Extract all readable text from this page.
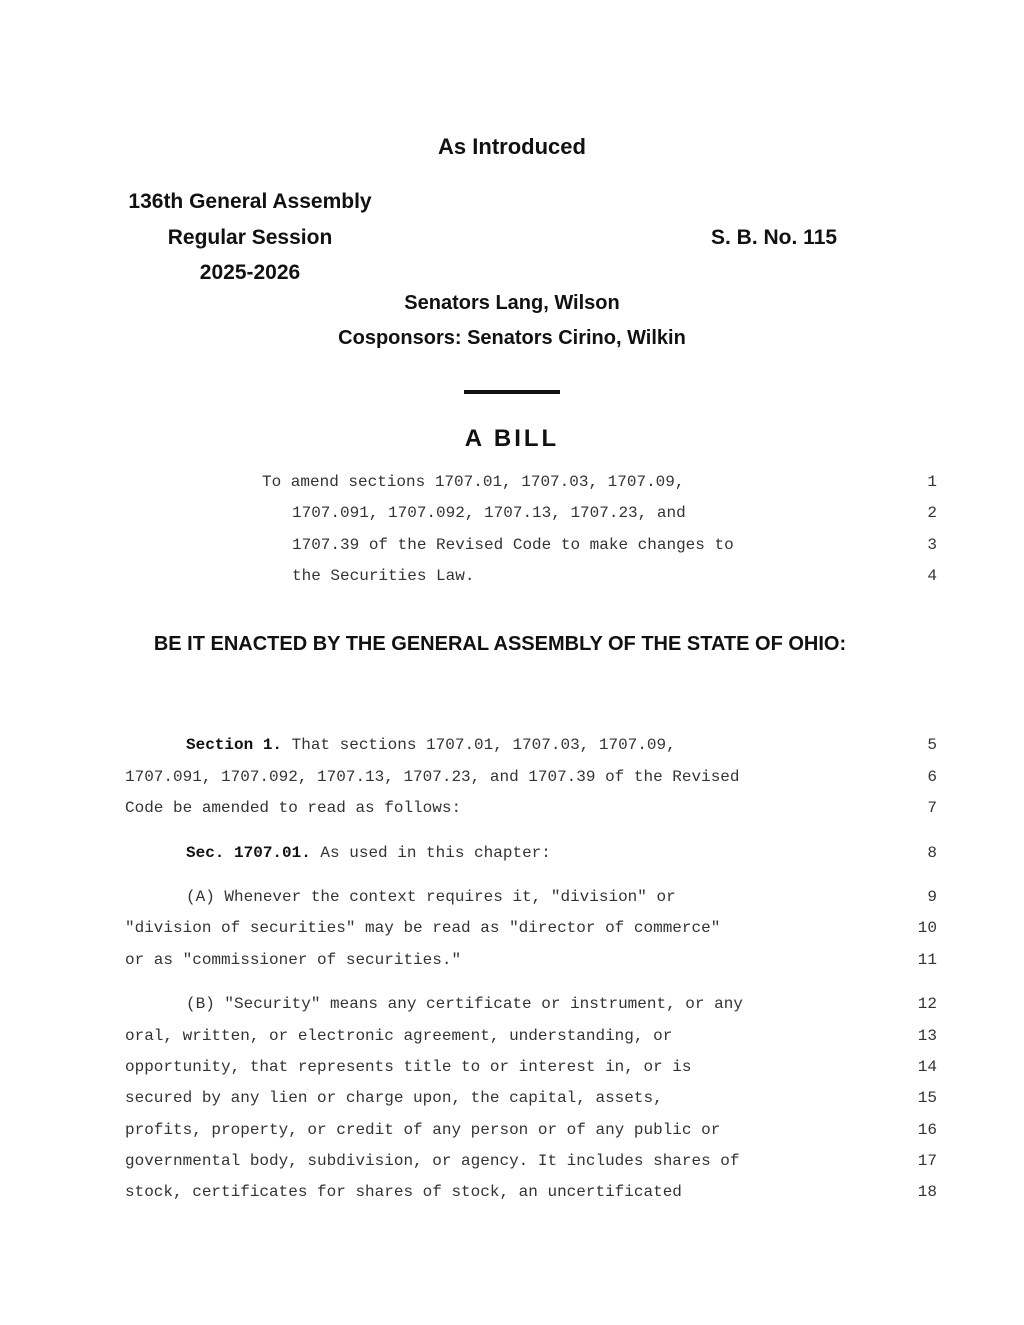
As Introduced
136th General Assembly
Regular Session
2025-2026
S. B. No. 115
Senators Lang, Wilson
Cosponsors: Senators Cirino, Wilkin
A BILL
To amend sections 1707.01, 1707.03, 1707.09,
1707.091, 1707.092, 1707.13, 1707.23, and
1707.39 of the Revised Code to make changes to
the Securities Law.
BE IT ENACTED BY THE GENERAL ASSEMBLY OF THE STATE OF OHIO:
Section 1. That sections 1707.01, 1707.03, 1707.09,
1707.091, 1707.092, 1707.13, 1707.23, and 1707.39 of the Revised
Code be amended to read as follows:
Sec. 1707.01. As used in this chapter:
(A) Whenever the context requires it, "division" or
"division of securities" may be read as "director of commerce"
or as "commissioner of securities."
(B) "Security" means any certificate or instrument, or any
oral, written, or electronic agreement, understanding, or
opportunity, that represents title to or interest in, or is
secured by any lien or charge upon, the capital, assets,
profits, property, or credit of any person or of any public or
governmental body, subdivision, or agency. It includes shares of
stock, certificates for shares of stock, an uncertificated
1
2
3
4
5
6
7
8
9
10
11
12
13
14
15
16
17
18
